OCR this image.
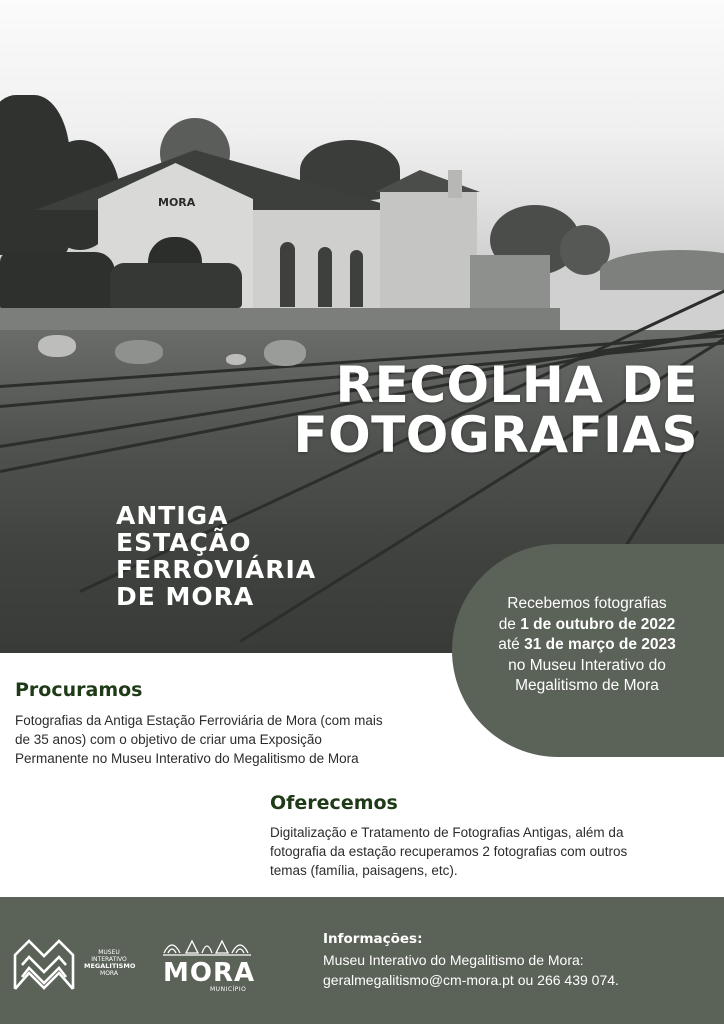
MORA
RECOLHA DE
FOTOGRAFIAS
ANTIGA
ESTAÇÃO
FERROVIÁRIA
DE MORA	Recebemos fotografias
de 1 de outubro de 2022
até 31 de março de 2023
no Museu Interativo do
Megalitismo de Mora
Procuramos
Fotografias da Antiga Estação Ferroviária de Mora (com mais
de 35 anos) com o objetivo de criar uma Exposição
Permanente no Museu Interativo do Megalitismo de Mora
Oferecemos
Digitalização e Tratamento de Fotografias Antigas, além da
fotografia da estação recuperamos 2 fotografias com outros
temas (família, paisagens, etc).
MUSEU
INTERATIVO
MEGALITISMO
MORA	MORA
MUNICÍPIO
Informações:
Museu Interativo do Megalitismo de Mora:
geralmegalitismo@cm-mora.pt ou 266 439 074.
